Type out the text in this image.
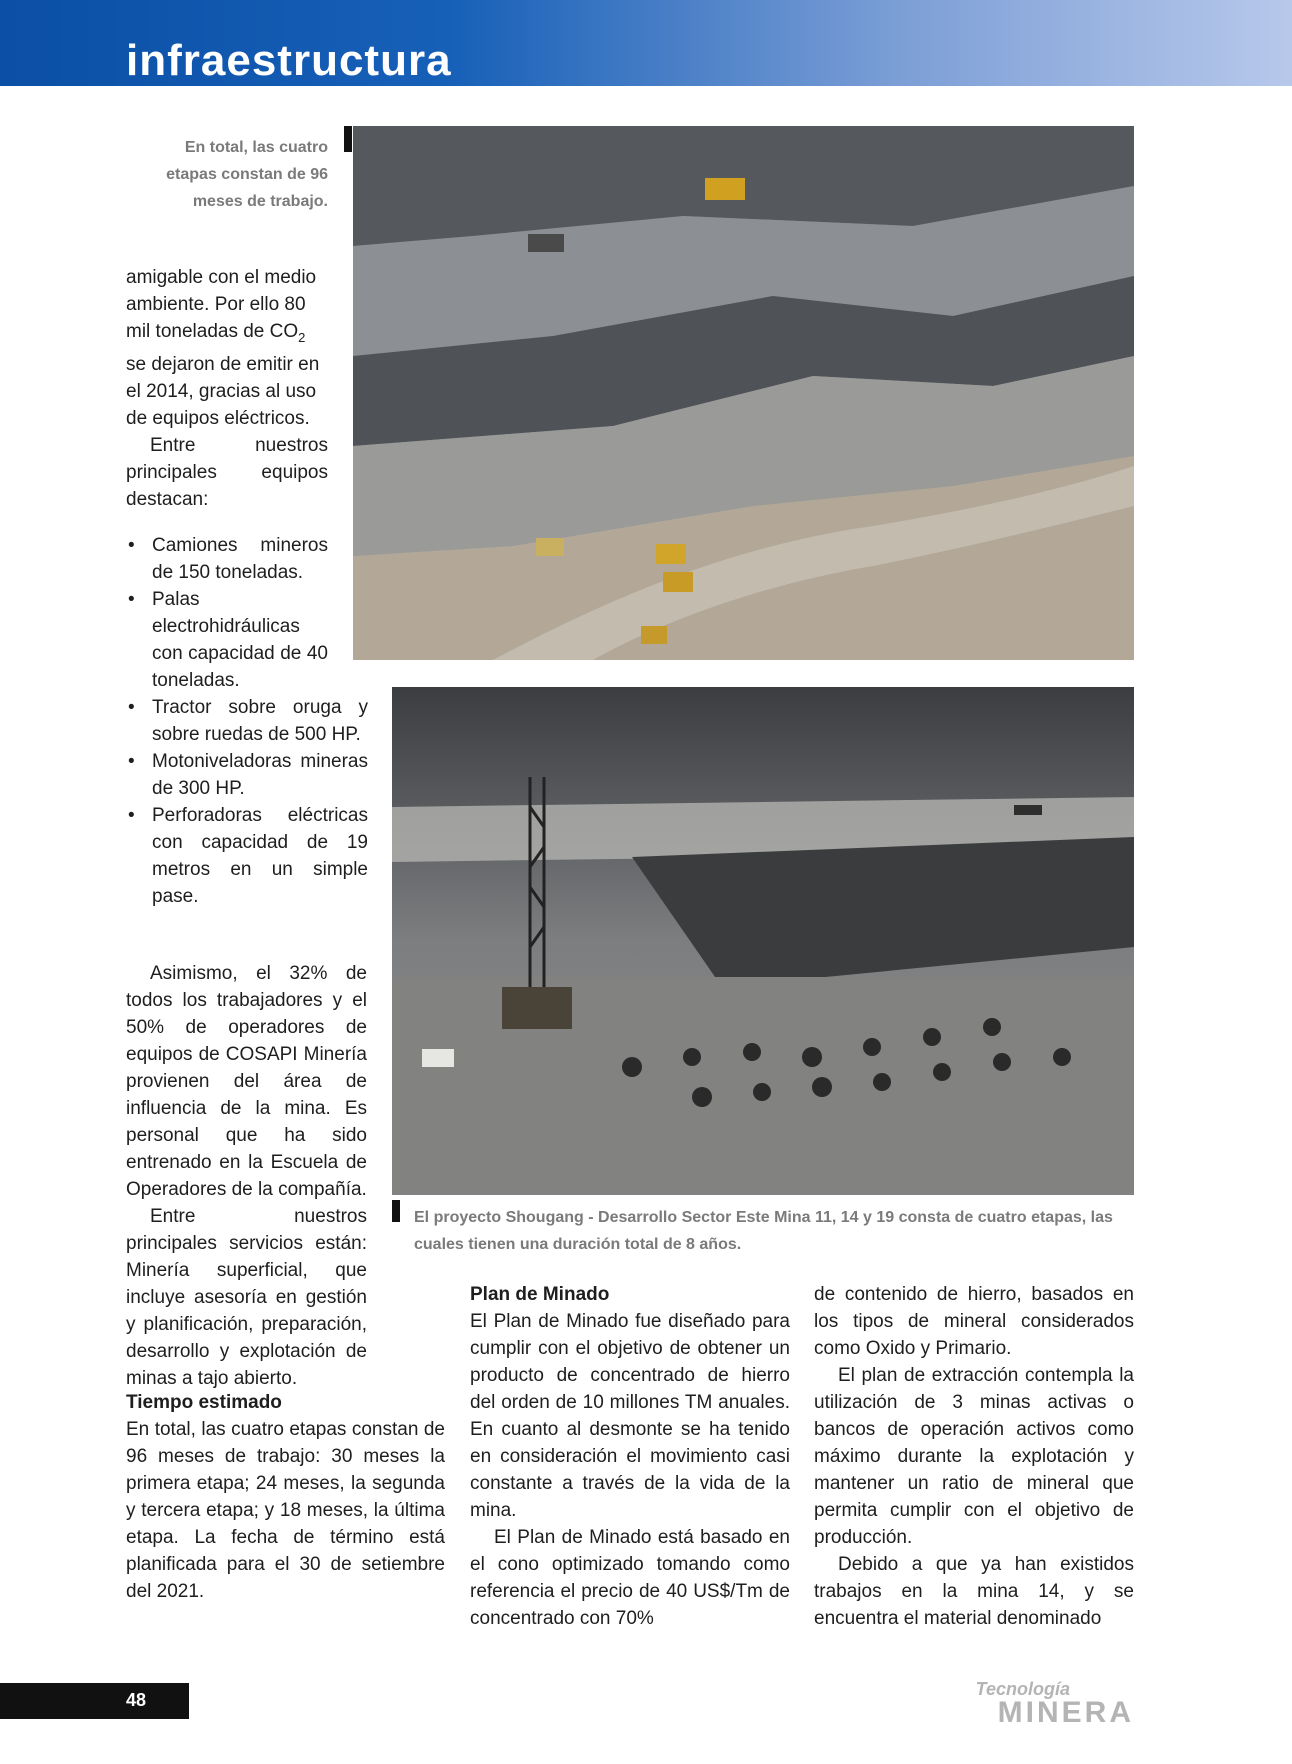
infraestructura
En total, las cuatro
etapas constan de 96
meses de trabajo.

amigable con el medio ambiente. Por ello 80 mil toneladas de $CO_2$ se dejaron de emitir en el 2014, gracias al uso de equipos eléctricos.

Entre nuestros principales equipos destacan:

• Camiones mineros de 150 toneladas.
• Palas electrohidráulicas con capacidad de 40 toneladas.
• Tractor sobre oruga y sobre ruedas de 500 HP.
• Motoniveladoras mineras de 300 HP.
• Perforadoras eléctricas con capacidad de 19 metros en un simple pase.

Asimismo, el 32% de todos los trabajadores y el 50% de operadores de equipos de COSAPI Minería provienen del área de influencia de la mina. Es personal que ha sido entrenado en la Escuela de Operadores de la compañía.

Entre nuestros principales servicios están: Minería superficial, que incluye asesoría en gestión y planificación, preparación, desarrollo y explotación de minas a tajo abierto.

Tiempo estimado

En total, las cuatro etapas constan de 96 meses de trabajo: 30 meses la primera etapa; 24 meses, la segunda y tercera etapa; y 18 meses, la última etapa. La fecha de término está planificada para el 30 de setiembre del 2021.

El proyecto Shougang - Desarrollo Sector Este Mina 11, 14 y 19 consta de cuatro etapas, las cuales tienen una duración total de 8 años.

Plan de Minado

El Plan de Minado fue diseñado para cumplir con el objetivo de obtener un producto de concentrado de hierro del orden de 10 millones TM anuales. En cuanto al desmonte se ha tenido en consideración el movimiento casi constante a través de la vida de la mina.

El Plan de Minado está basado en el cono optimizado tomando como referencia el precio de 40 US$/Tm de concentrado con 70%

de contenido de hierro, basados en los tipos de mineral considerados como Oxido y Primario.

El plan de extracción contempla la utilización de 3 minas activas o bancos de operación activos como máximo durante la explotación y mantener un ratio de mineral que permita cumplir con el objetivo de producción.

Debido a que ya han existidos trabajos en la mina 14, y se encuentra el material denominado

48
Tecnología
MINERA
